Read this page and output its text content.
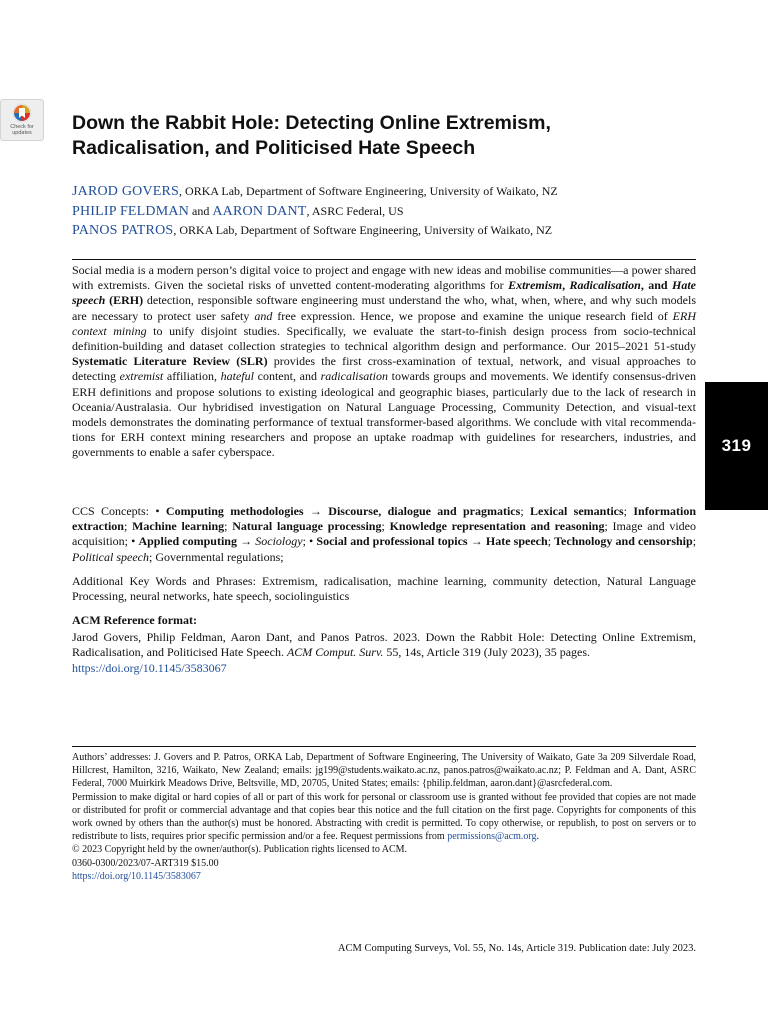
Check for
updates Down the Rabbit Hole: Detecting Online Extremism,
Radicalisation, and Politicised Hate Speech
JAROD GOVERS, ORKA Lab, Department of Software Engineering, University of Waikato, NZ
PHILIP FELDMAN and AARON DANT, ASRC Federal, US
PANOS PATROS, ORKA Lab, Department of Software Engineering, University of Waikato, NZ

Social media is a modern person’s digital voice to project and engage with new ideas and mobilise communities—a power shared with extremists. Given the societal risks of unvetted content-moderating algorithms for Extremism, Radicalisation, and Hate speech (ERH) detection, responsible software engineering must understand the who, what, when, where, and why such models are necessary to protect user safety and free expression. Hence, we propose and examine the unique research field of ERH context mining to unify disjoint studies. Specifically, we evaluate the start-to-finish design process from socio-technical definition-building and dataset collection strategies to technical algorithm design and performance. Our 2015–2021 51-study Systematic Literature Review (SLR) provides the first cross-examination of textual, network, and visual approaches to detecting extremist affiliation, hateful content, and radicalisation towards groups and movements. We identify consensus-driven ERH definitions and propose solutions to existing ideological and geographic biases, particularly due to the lack of research in Oceania/Australasia. Our hybridised investigation on Natural Language Processing, Community Detection, and visual-text models demonstrates the dominating performance of textual transformer-based algorithms. We conclude with vital recommendations for ERH context mining researchers and propose an uptake roadmap with guidelines for researchers, industries, and governments to enable a safer cyberspace.

CCS Concepts: • Computing methodologies → Discourse, dialogue and pragmatics; Lexical semantics; Information extraction; Machine learning; Natural language processing; Knowledge representation and reasoning; Image and video acquisition; • Applied computing → Sociology; • Social and professional topics → Hate speech; Technology and censorship; Political speech; Governmental regulations;

Additional Key Words and Phrases: Extremism, radicalisation, machine learning, community detection, Natural Language Processing, neural networks, hate speech, sociolinguistics

ACM Reference format:
Jarod Govers, Philip Feldman, Aaron Dant, and Panos Patros. 2023. Down the Rabbit Hole: Detecting Online Extremism, Radicalisation, and Politicised Hate Speech. ACM Comput. Surv. 55, 14s, Article 319 (July 2023), 35 pages.
https://doi.org/10.1145/3583067
319
Authors’ addresses: J. Govers and P. Patros, ORKA Lab, Department of Software Engineering, The University of Waikato, Gate 3a 209 Silverdale Road, Hillcrest, Hamilton, 3216, Waikato, New Zealand; emails: jg199@students.waikato.ac.nz, panos.patros@waikato.ac.nz; P. Feldman and A. Dant, ASRC Federal, 7000 Muirkirk Meadows Drive, Beltsville, MD, 20705, United States; emails: {philip.feldman, aaron.dant}@asrcfederal.com.
Permission to make digital or hard copies of all or part of this work for personal or classroom use is granted without fee provided that copies are not made or distributed for profit or commercial advantage and that copies bear this notice and the full citation on the first page. Copyrights for components of this work owned by others than the author(s) must be honored. Abstracting with credit is permitted. To copy otherwise, or republish, to post on servers or to redistribute to lists, requires prior specific permission and/or a fee. Request permissions from permissions@acm.org.
© 2023 Copyright held by the owner/author(s). Publication rights licensed to ACM.
0360-0300/2023/07-ART319 $15.00
https://doi.org/10.1145/3583067
ACM Computing Surveys, Vol. 55, No. 14s, Article 319. Publication date: July 2023.
